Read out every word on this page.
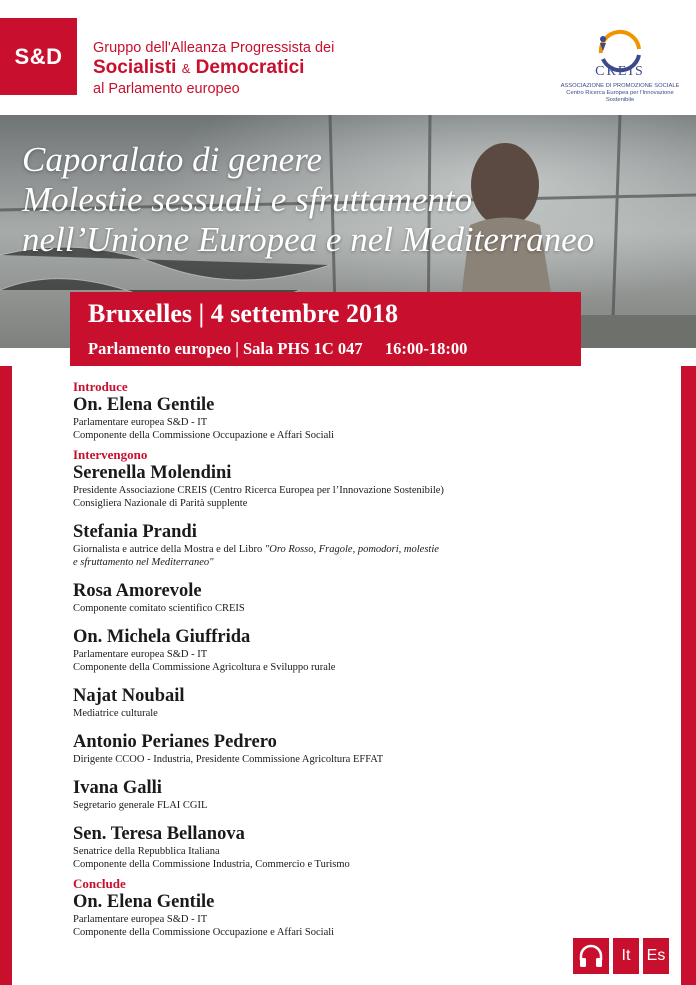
S&D	Gruppo dell'Alleanza Progressista dei
Socialisti & Democratici
al Parlamento europeo
CREIS
ASSOCIAZIONE DI PROMOZIONE SOCIALE
Centro Ricerca Europea per l'Innovazione Sostenibile
Caporalato di genere
Molestie sessuali e sfruttamento
nell’Unione Europea e nel Mediterraneo
Bruxelles | 4 settembre 2018
Parlamento europeo | Sala PHS 1C 047 16:00-18:00
Introduce
On. Elena Gentile
Parlamentare europea S&D - IT
Componente della Commissione Occupazione e Affari Sociali
Intervengono
Serenella Molendini
Presidente Associazione CREIS (Centro Ricerca Europea per l’Innovazione Sostenibile)
Consigliera Nazionale di Parità supplente
Stefania Prandi
Giornalista e autrice della Mostra e del Libro "Oro Rosso, Fragole, pomodori, molestie
e sfruttamento nel Mediterraneo"
Rosa Amorevole
Componente comitato scientifico CREIS
On. Michela Giuffrida
Parlamentare europea S&D - IT
Componente della Commissione Agricoltura e Sviluppo rurale
Najat Noubail
Mediatrice culturale
Antonio Perianes Pedrero
Dirigente CCOO - Industria, Presidente Commissione Agricoltura EFFAT
Ivana Galli
Segretario generale FLAI CGIL
Sen. Teresa Bellanova
Senatrice della Repubblica Italiana
Componente della Commissione Industria, Commercio e Turismo
Conclude
On. Elena Gentile
Parlamentare europea S&D - IT
Componente della Commissione Occupazione e Affari Sociali
It	Es
